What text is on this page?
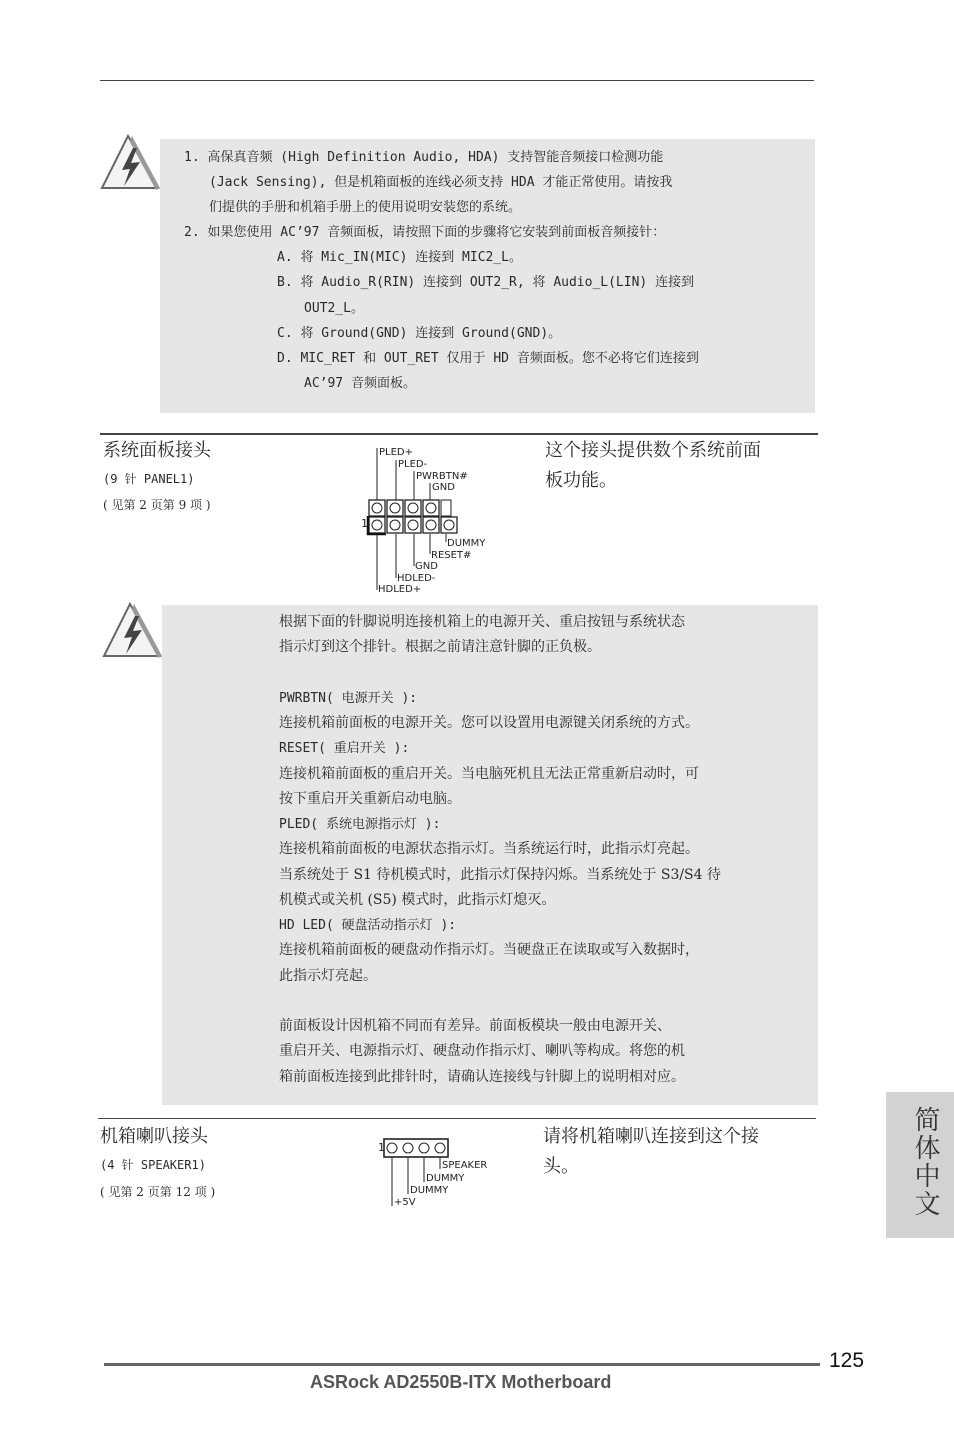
1. 高保真音频 (High Definition Audio, HDA) 支持智能音频接口检测功能
(Jack Sensing), 但是机箱面板的连线必须支持 HDA 才能正常使用。请按我
们提供的手册和机箱手册上的使用说明安装您的系统。
2. 如果您使用 AC’97 音频面板，请按照下面的步骤将它安装到前面板音频接针：
A. 将 Mic_IN(MIC) 连接到 MIC2_L。
B. 将 Audio_R(RIN) 连接到 OUT2_R, 将 Audio_L(LIN) 连接到
OUT2_L。
C. 将 Ground(GND) 连接到 Ground(GND)。
D. MIC_RET 和 OUT_RET 仅用于 HD 音频面板。您不必将它们连接到
AC’97 音频面板。
系统面板接头
(9 针 PANEL1)
( 见第 2 页第 9 项 )
这个接头提供数个系统前面
板功能。
1
PLED+
PLED-
PWRBTN#
GND
DUMMY
RESET#
GND
HDLED-
HDLED+
根据下面的针脚说明连接机箱上的电源开关、重启按钮与系统状态
指示灯到这个排针。根据之前请注意针脚的正负极。
PWRBTN( 电源开关 ):
连接机箱前面板的电源开关。您可以设置用电源键关闭系统的方式。
RESET( 重启开关 ):
连接机箱前面板的重启开关。当电脑死机且无法正常重新启动时，可
按下重启开关重新启动电脑。
PLED( 系统电源指示灯 ):
连接机箱前面板的电源状态指示灯。当系统运行时，此指示灯亮起。
当系统处于 S1 待机模式时，此指示灯保持闪烁。当系统处于 S3/S4 待
机模式或关机 (S5) 模式时，此指示灯熄灭。
HD LED( 硬盘活动指示灯 ):
连接机箱前面板的硬盘动作指示灯。当硬盘正在读取或写入数据时，
此指示灯亮起。
前面板设计因机箱不同而有差异。前面板模块一般由电源开关、
重启开关、电源指示灯、硬盘动作指示灯、喇叭等构成。将您的机
箱前面板连接到此排针时，请确认连接线与针脚上的说明相对应。
机箱喇叭接头
(4 针 SPEAKER1)
( 见第 2 页第 12 项 )
请将机箱喇叭连接到这个接
头。
1
SPEAKER
DUMMY
DUMMY
+5V	简体中文
125
ASRock AD2550B-ITX Motherboard
